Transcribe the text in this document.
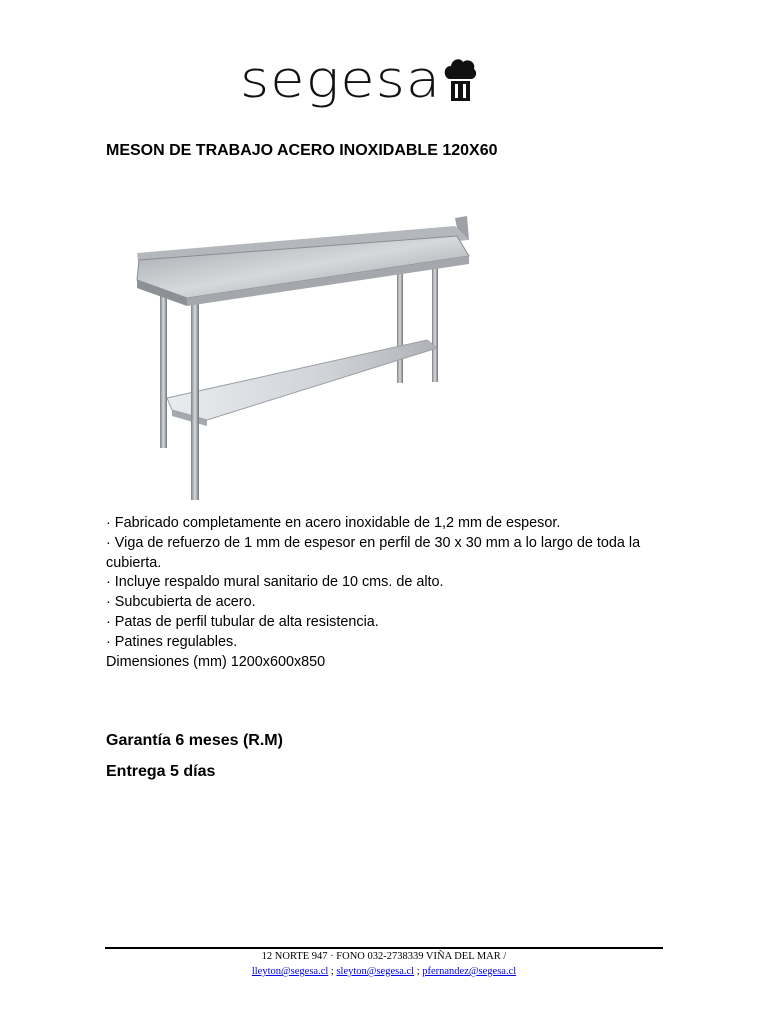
segesa
MESON DE TRABAJO ACERO INOXIDABLE 120X60
· Fabricado completamente en acero inoxidable de 1,2 mm de espesor.
· Viga de refuerzo de 1 mm de espesor en perfil de 30 x 30 mm a lo largo de toda la cubierta.
· Incluye respaldo mural sanitario de 10 cms. de alto.
· Subcubierta de acero.
· Patas de perfil tubular de alta resistencia.
· Patines regulables.
Dimensiones (mm) 1200x600x850
Garantía 6 meses (R.M)
Entrega 5 días
12 NORTE 947 · FONO 032-2738339 VIÑA DEL MAR /
lleyton@segesa.cl ; sleyton@segesa.cl ; pfernandez@segesa.cl
